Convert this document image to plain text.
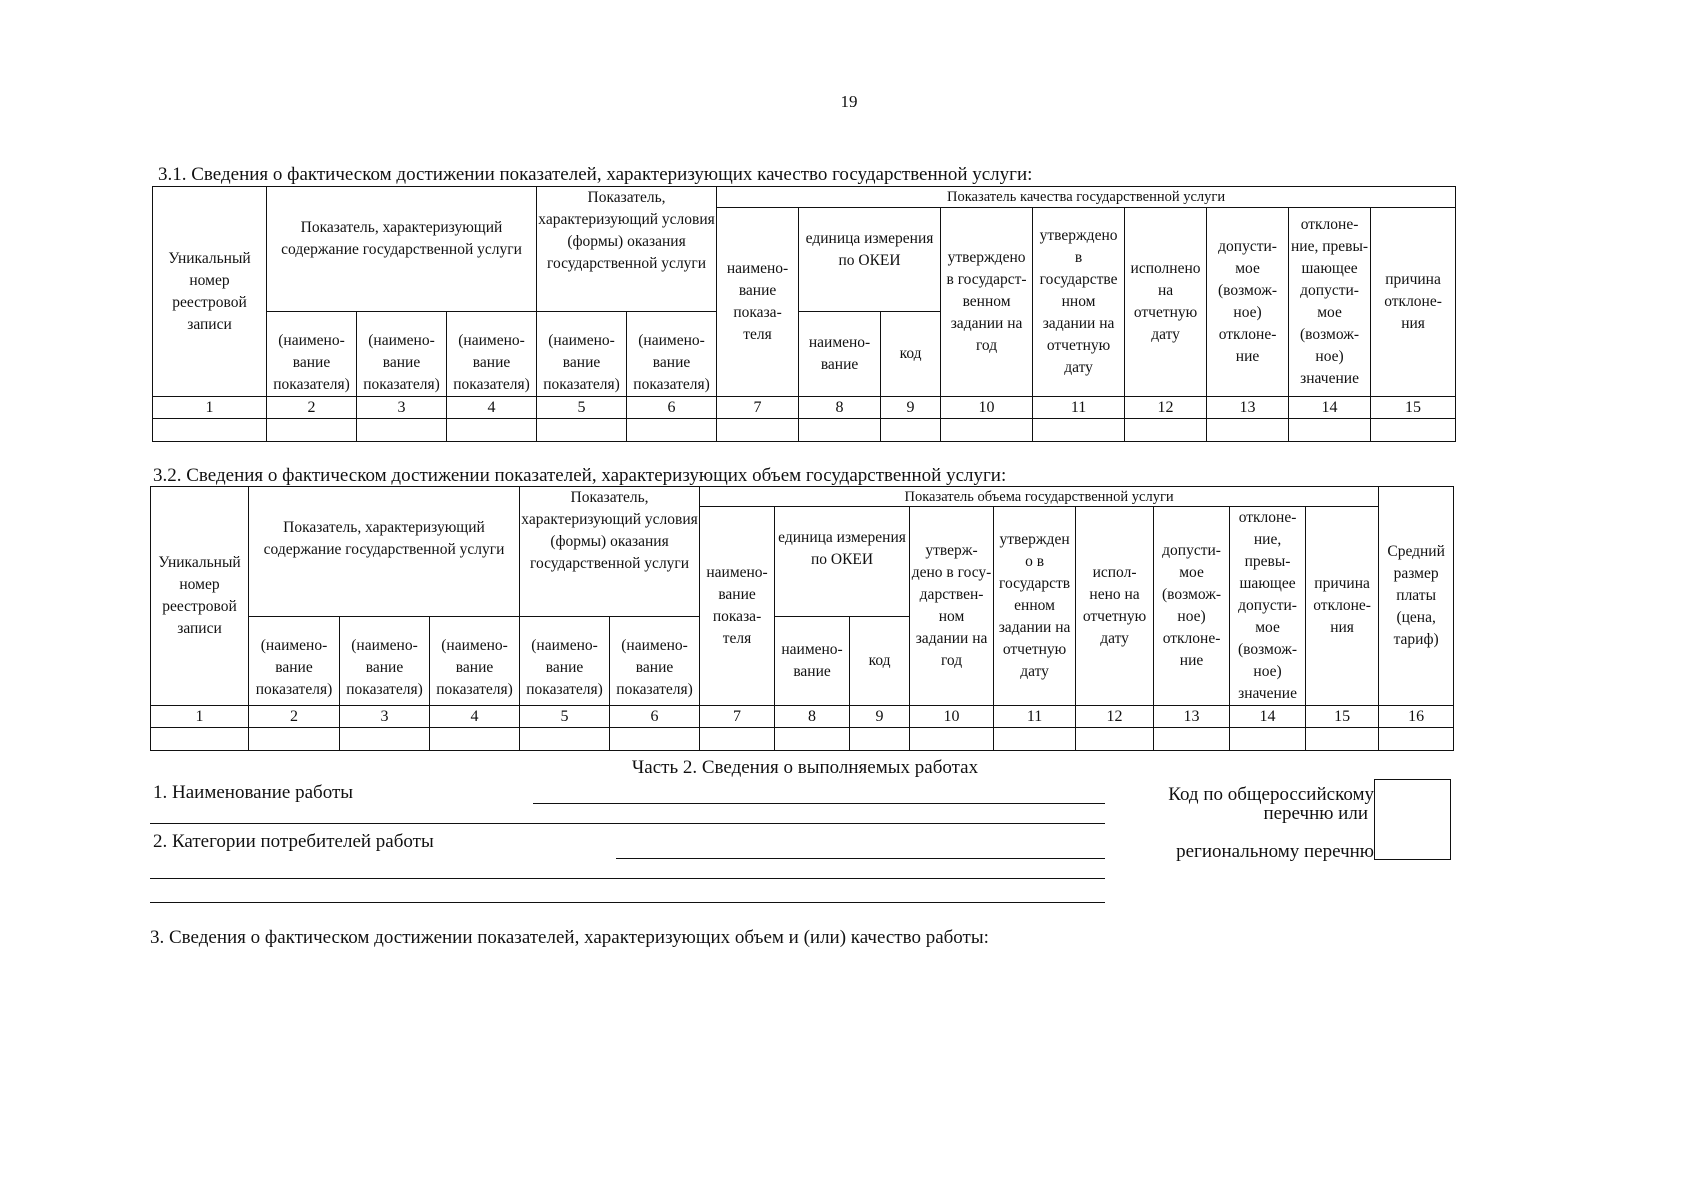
19
3.1. Сведения о фактическом достижении показателей, характеризующих качество государственной услуги:
Уникальный номер реестровой записи	Показатель, характеризующий содержание государственной услуги			Показатель, характеризующий условия (формы) оказания государственной услуги		Показатель качества государственной услуги								
						наимено- вание показа- теля	единица измерения по ОКЕИ		утверждено в государст- венном задании на год	утверждено в государстве нном задании на отчетную дату	исполнено на отчетную дату	допусти- мое (возмож- ное) отклоне- ние	отклоне- ние, превы- шающее допусти- мое (возмож- ное) значение	причина отклоне- ния
	(наимено- вание показателя)	(наимено- вание показателя)	(наимено- вание показателя)	(наимено- вание показателя)	(наимено- вание показателя)		наимено- вание	код						
1	2	3	4	5	6	7	8	9	10	11	12	13	14	15

3.2. Сведения о фактическом достижении показателей, характеризующих объем государственной услуги:
Уникальный номер реестровой записи	Показатель, характеризующий содержание государственной услуги			Показатель, характеризующий условия (формы) оказания государственной услуги		Показатель объема государственной услуги									Средний размер платы (цена, тариф)
						наимено- вание показа- теля	единица измерения по ОКЕИ		утверж- дено в госу- дарствен- ном задании на год	утвержден о в государств енном задании на отчетную дату	испол- нено на отчетную дату	допусти- мое (возмож- ное) отклоне- ние	отклоне- ние, превы- шающее допусти- мое (возмож- ное) значение	причина отклоне- ния	
	(наимено- вание показателя)	(наимено- вание показателя)	(наимено- вание показателя)	(наимено- вание показателя)	(наимено- вание показателя)		наимено- вание	код							
1	2	3	4	5	6	7	8	9	10	11	12	13	14	15	16

Часть 2. Сведения о выполняемых работах
1. Наименование работы
2. Категории потребителей работы
Код по общероссийскому
перечню или
региональному перечню
3. Сведения о фактическом достижении показателей, характеризующих объем и (или) качество работы:
